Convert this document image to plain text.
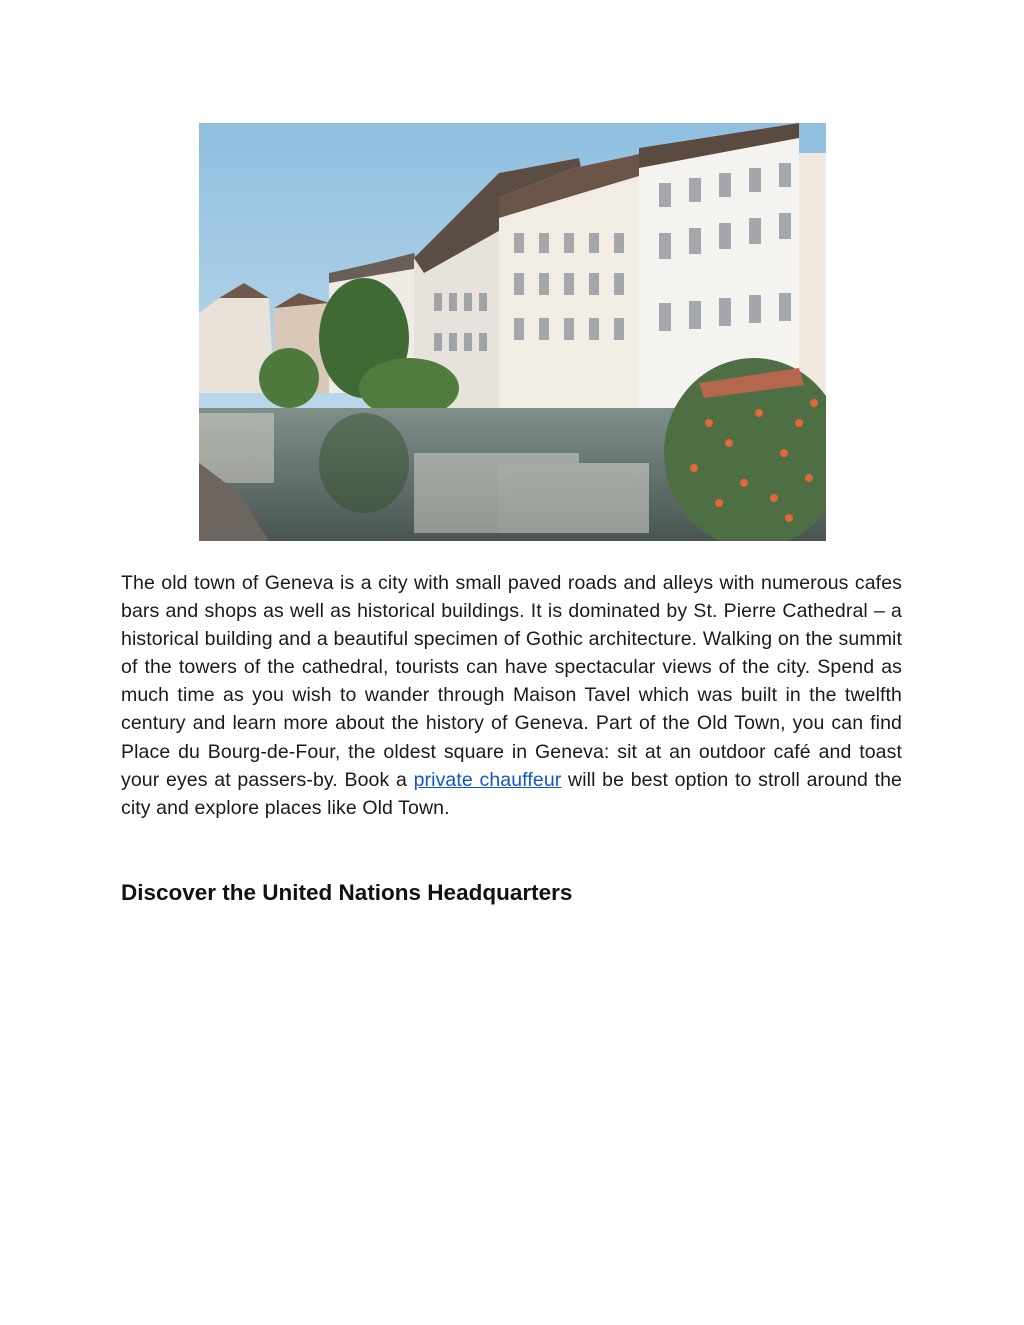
The old town of Geneva is a city with small paved roads and alleys with numerous cafes bars and shops as well as historical buildings. It is dominated by St. Pierre Cathedral – a historical building and a beautiful specimen of Gothic architecture. Walking on the summit of the towers of the cathedral, tourists can have spectacular views of the city. Spend as much time as you wish to wander through Maison Tavel which was built in the twelfth century and learn more about the history of Geneva. Part of the Old Town, you can find Place du Bourg-de-Four, the oldest square in Geneva: sit at an outdoor café and toast your eyes at passers-by. Book a private chauffeur will be best option to stroll around the city and explore places like Old Town.

Discover the United Nations Headquarters
